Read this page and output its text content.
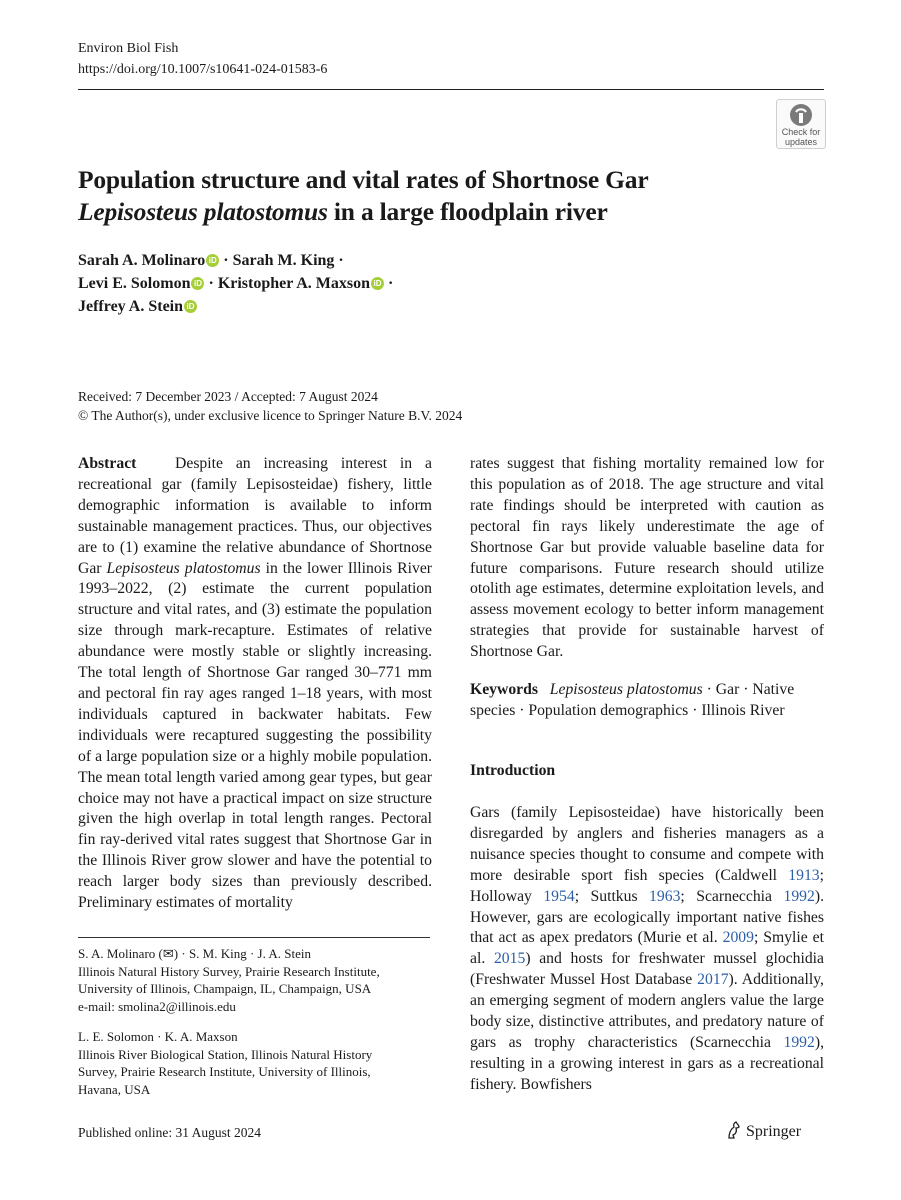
Environ Biol Fish
https://doi.org/10.1007/s10641-024-01583-6
Check for
updates
Population structure and vital rates of Shortnose Gar
Lepisosteus platostomus in a large floodplain river
Sarah A. Molinaro iD · Sarah M. King ·
Levi E. Solomon iD · Kristopher A. Maxson iD ·
Jeffrey A. Stein iD
Received: 7 December 2023 / Accepted: 7 August 2024
© The Author(s), under exclusive licence to Springer Nature B.V. 2024
Abstract   Despite an increasing interest in a recreational gar (family Lepisosteidae) fishery, little demographic information is available to inform sustainable management practices. Thus, our objectives are to (1) examine the relative abundance of Shortnose Gar Lepisosteus platostomus in the lower Illinois River 1993–2022, (2) estimate the current population structure and vital rates, and (3) estimate the population size through mark-recapture. Estimates of relative abundance were mostly stable or slightly increasing. The total length of Shortnose Gar ranged 30–771 mm and pectoral fin ray ages ranged 1–18 years, with most individuals captured in backwater habitats. Few individuals were recaptured suggesting the possibility of a large population size or a highly mobile population. The mean total length varied among gear types, but gear choice may not have a practical impact on size structure given the high overlap in total length ranges. Pectoral fin ray-derived vital rates suggest that Shortnose Gar in the Illinois River grow slower and have the potential to reach larger body sizes than previously described. Preliminary estimates of mortality
rates suggest that fishing mortality remained low for this population as of 2018. The age structure and vital rate findings should be interpreted with caution as pectoral fin rays likely underestimate the age of Shortnose Gar but provide valuable baseline data for future comparisons. Future research should utilize otolith age estimates, determine exploitation levels, and assess movement ecology to better inform management strategies that provide for sustainable harvest of Shortnose Gar.
Keywords Lepisosteus platostomus · Gar · Native species · Population demographics · Illinois River
Introduction
Gars (family Lepisosteidae) have historically been disregarded by anglers and fisheries managers as a nuisance species thought to consume and compete with more desirable sport fish species (Caldwell 1913; Holloway 1954; Suttkus 1963; Scarnecchia 1992). However, gars are ecologically important native fishes that act as apex predators (Murie et al. 2009; Smylie et al. 2015) and hosts for freshwater mussel glochidia (Freshwater Mussel Host Database 2017). Additionally, an emerging segment of modern anglers value the large body size, distinctive attributes, and predatory nature of gars as trophy characteristics (Scarnecchia 1992), resulting in a growing interest in gars as a recreational fishery. Bowfishers
S. A. Molinaro (✉) · S. M. King · J. A. Stein
Illinois Natural History Survey, Prairie Research Institute,
University of Illinois, Champaign, IL, Champaign, USA
e-mail: smolina2@illinois.edu
L. E. Solomon · K. A. Maxson
Illinois River Biological Station, Illinois Natural History
Survey, Prairie Research Institute, University of Illinois,
Havana, USA
Published online: 31 August 2024	Springer
